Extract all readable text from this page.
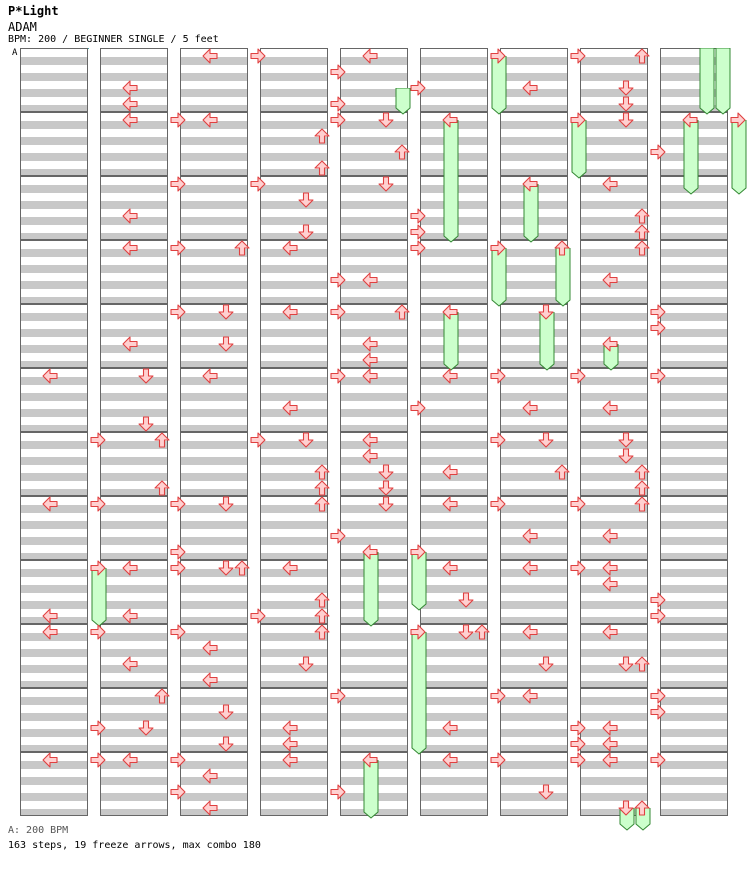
P*Light
ADAM
BPM: 200 / BEGINNER SINGLE / 5 feet
A
A: 200 BPM
163 steps, 19 freeze arrows, max combo 180
